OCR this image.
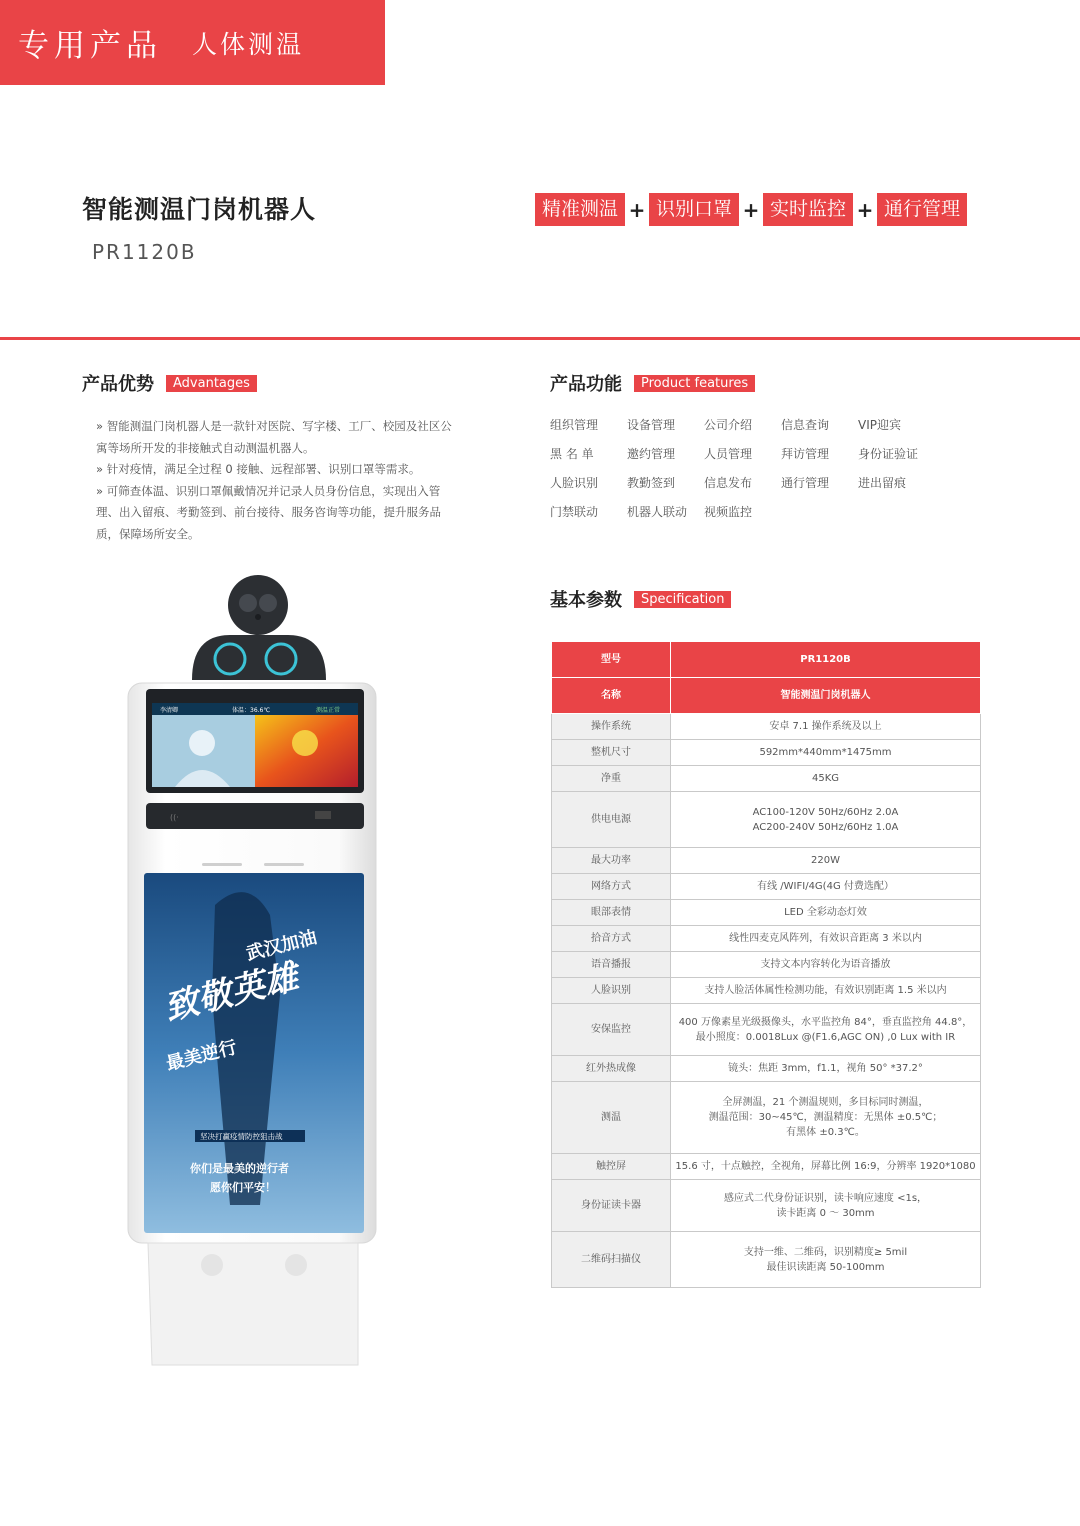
专用产品 人体测温
智能测温门岗机器人
PR1120B
精准测温 + 识别口罩 + 实时监控 + 通行管理
产品优势	Advantages

» 智能测温门岗机器人是一款针对医院、写字楼、工厂、校园及社区公寓等场所开发的非接触式自动测温机器人。

» 针对疫情，满足全过程 0 接触、远程部署、识别口罩等需求。

» 可筛查体温、识别口罩佩戴情况并记录人员身份信息，实现出入管理、出入留痕、考勤签到、前台接待、服务咨询等功能，提升服务品质，保障场所安全。

产品功能	Product features
组织管理	设备管理	公司介绍	信息查询	VIP迎宾
黑 名 单	邀约管理	人员管理	拜访管理	身份证验证
人脸识别	教勤签到	信息发布	通行管理	进出留痕
门禁联动	机器人联动	视频监控
基本参数	Specification
型号	PR1120B

名称	智能测温门岗机器人

操作系统	安卓 7.1 操作系统及以上

整机尺寸	592mm*440mm*1475mm

净重	45KG

供电电源	AC100-120V 50Hz/60Hz 2.0A
AC200-240V 50Hz/60Hz 1.0A

最大功率	220W

网络方式	有线 /WIFI/4G(4G 付费选配）

眼部表情	LED 全彩动态灯效

拾音方式	线性四麦克风阵列，有效识音距离 3 米以内

语音播报	支持文本内容转化为语音播放

人脸识别	支持人脸活体属性检测功能，有效识别距离 1.5 米以内

安保监控	400 万像素星光级摄像头，水平监控角 84°，垂直监控角 44.8°，
最小照度：0.0018Lux @(F1.6,AGC ON) ,0 Lux with IR

红外热成像	镜头：焦距 3mm，f1.1，视角 50° *37.2°

测温	全屏测温，21 个测温规则，多目标同时测温，
测温范围：30~45℃，测温精度：无黑体 ±0.5℃；
有黑体 ±0.3℃。

触控屏	15.6 寸，十点触控，全视角，屏幕比例 16:9，分辨率 1920*1080

身份证读卡器	感应式二代身份证识别，读卡响应速度 <1s，
读卡距离 0 ～ 30mm

二维码扫描仪	支持一维、二维码，识别精度≥ 5mil
最佳识读距离 50-100mm
李清卿	体温：36.6℃	测温正常
((·
武汉加油
致敬英雄
最美逆行
坚决打赢疫情防控狙击战
你们是最美的逆行者
愿你们平安！
